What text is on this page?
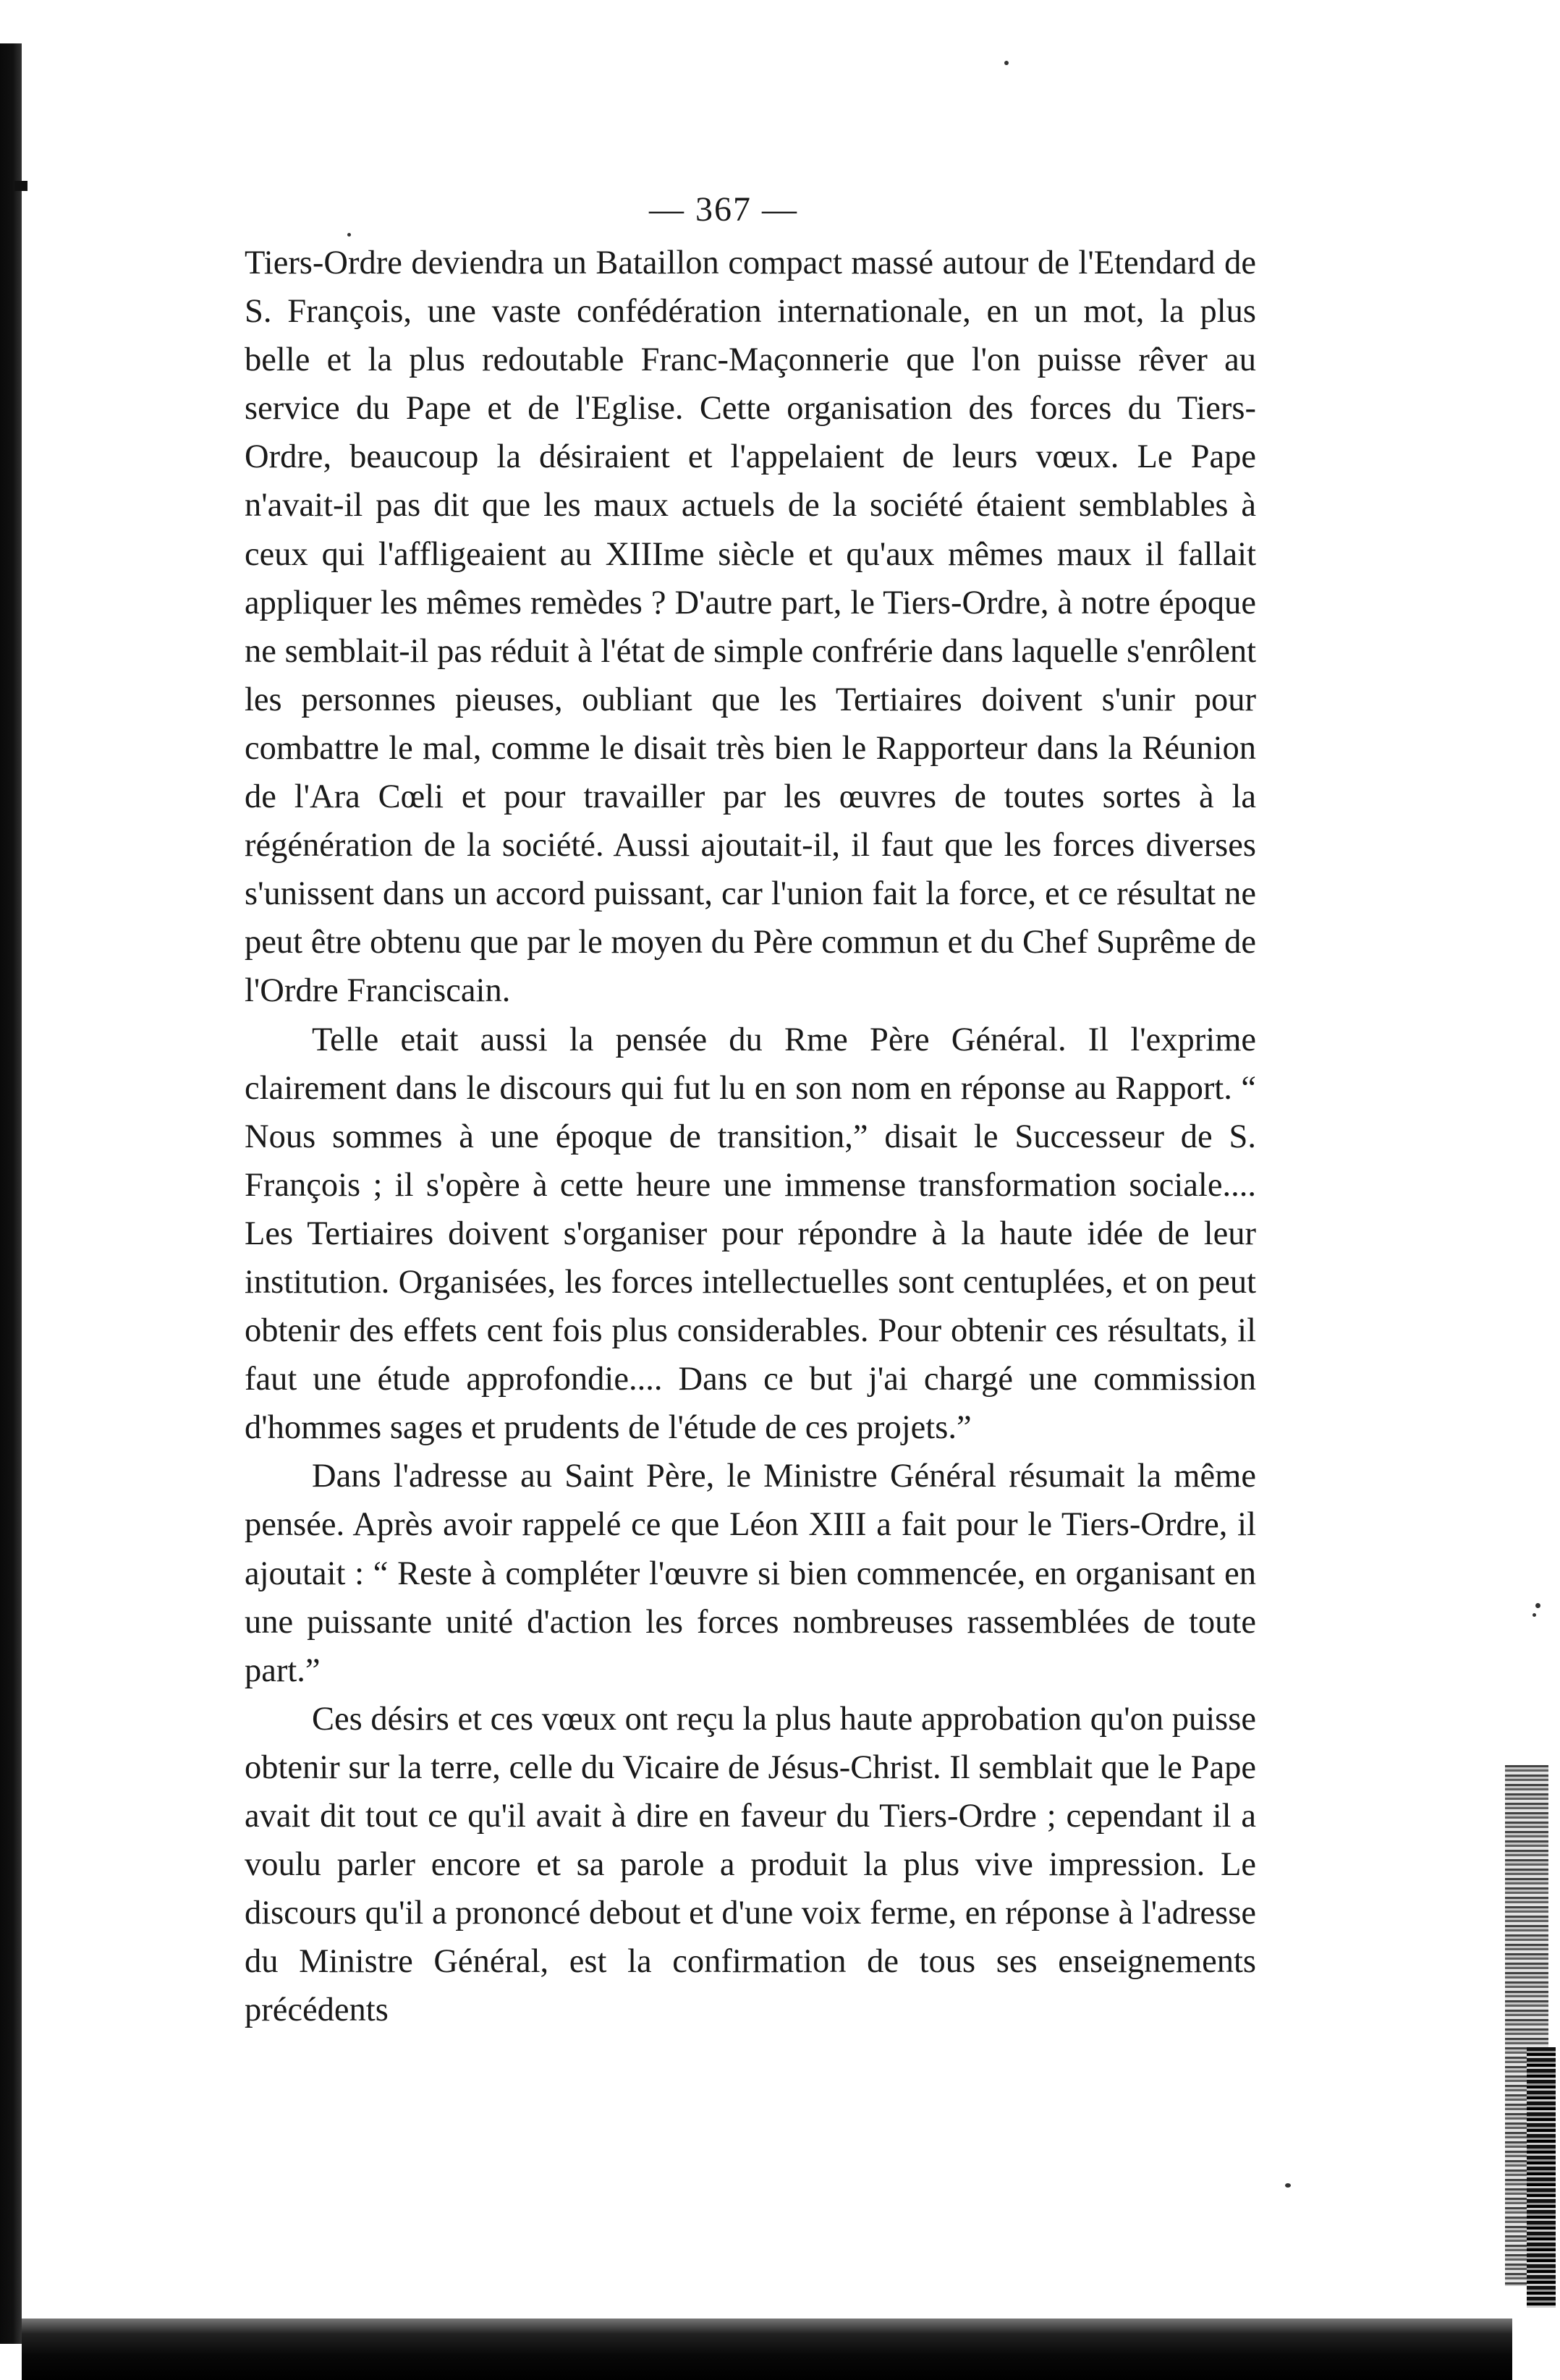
— 367 —

Tiers-Ordre deviendra un Bataillon compact massé autour de l'Etendard de S. François, une vaste confédération internationale, en un mot, la plus belle et la plus redoutable Franc-Maçonnerie que l'on puisse rêver au service du Pape et de l'Eglise. Cette organisation des forces du Tiers-Ordre, beaucoup la désiraient et l'appelaient de leurs vœux. Le Pape n'avait-il pas dit que les maux actuels de la société étaient semblables à ceux qui l'affligeaient au XIIIme siècle et qu'aux mêmes maux il fallait appliquer les mêmes remèdes ? D'autre part, le Tiers-Ordre, à notre époque ne semblait-il pas réduit à l'état de simple confrérie dans laquelle s'enrôlent les personnes pieuses, oubliant que les Tertiaires doivent s'unir pour combattre le mal, comme le disait très bien le Rapporteur dans la Réunion de l'Ara Cœli et pour travailler par les œuvres de toutes sortes à la régénération de la société. Aussi ajoutait-il, il faut que les forces diverses s'unissent dans un accord puissant, car l'union fait la force, et ce résultat ne peut être obtenu que par le moyen du Père commun et du Chef Suprême de l'Ordre Franciscain.

Telle etait aussi la pensée du Rme Père Général. Il l'exprime clairement dans le discours qui fut lu en son nom en réponse au Rapport. “ Nous sommes à une époque de transition,” disait le Successeur de S. François ; il s'opère à cette heure une immense transformation sociale.... Les Tertiaires doivent s'organiser pour répondre à la haute idée de leur institution. Organisées, les forces intellectuelles sont centuplées, et on peut obtenir des effets cent fois plus considerables. Pour obtenir ces résultats, il faut une étude approfondie.... Dans ce but j'ai chargé une commission d'hommes sages et prudents de l'étude de ces projets.”

Dans l'adresse au Saint Père, le Ministre Général résumait la même pensée. Après avoir rappelé ce que Léon XIII a fait pour le Tiers-Ordre, il ajoutait : “ Reste à compléter l'œuvre si bien commencée, en organisant en une puissante unité d'action les forces nombreuses rassemblées de toute part.”

Ces désirs et ces vœux ont reçu la plus haute approbation qu'on puisse obtenir sur la terre, celle du Vicaire de Jésus-Christ. Il semblait que le Pape avait dit tout ce qu'il avait à dire en faveur du Tiers-Ordre ; cependant il a voulu parler encore et sa parole a produit la plus vive impression. Le discours qu'il a prononcé debout et d'une voix ferme, en réponse à l'adresse du Ministre Général, est la confirmation de tous ses enseignements précédents
